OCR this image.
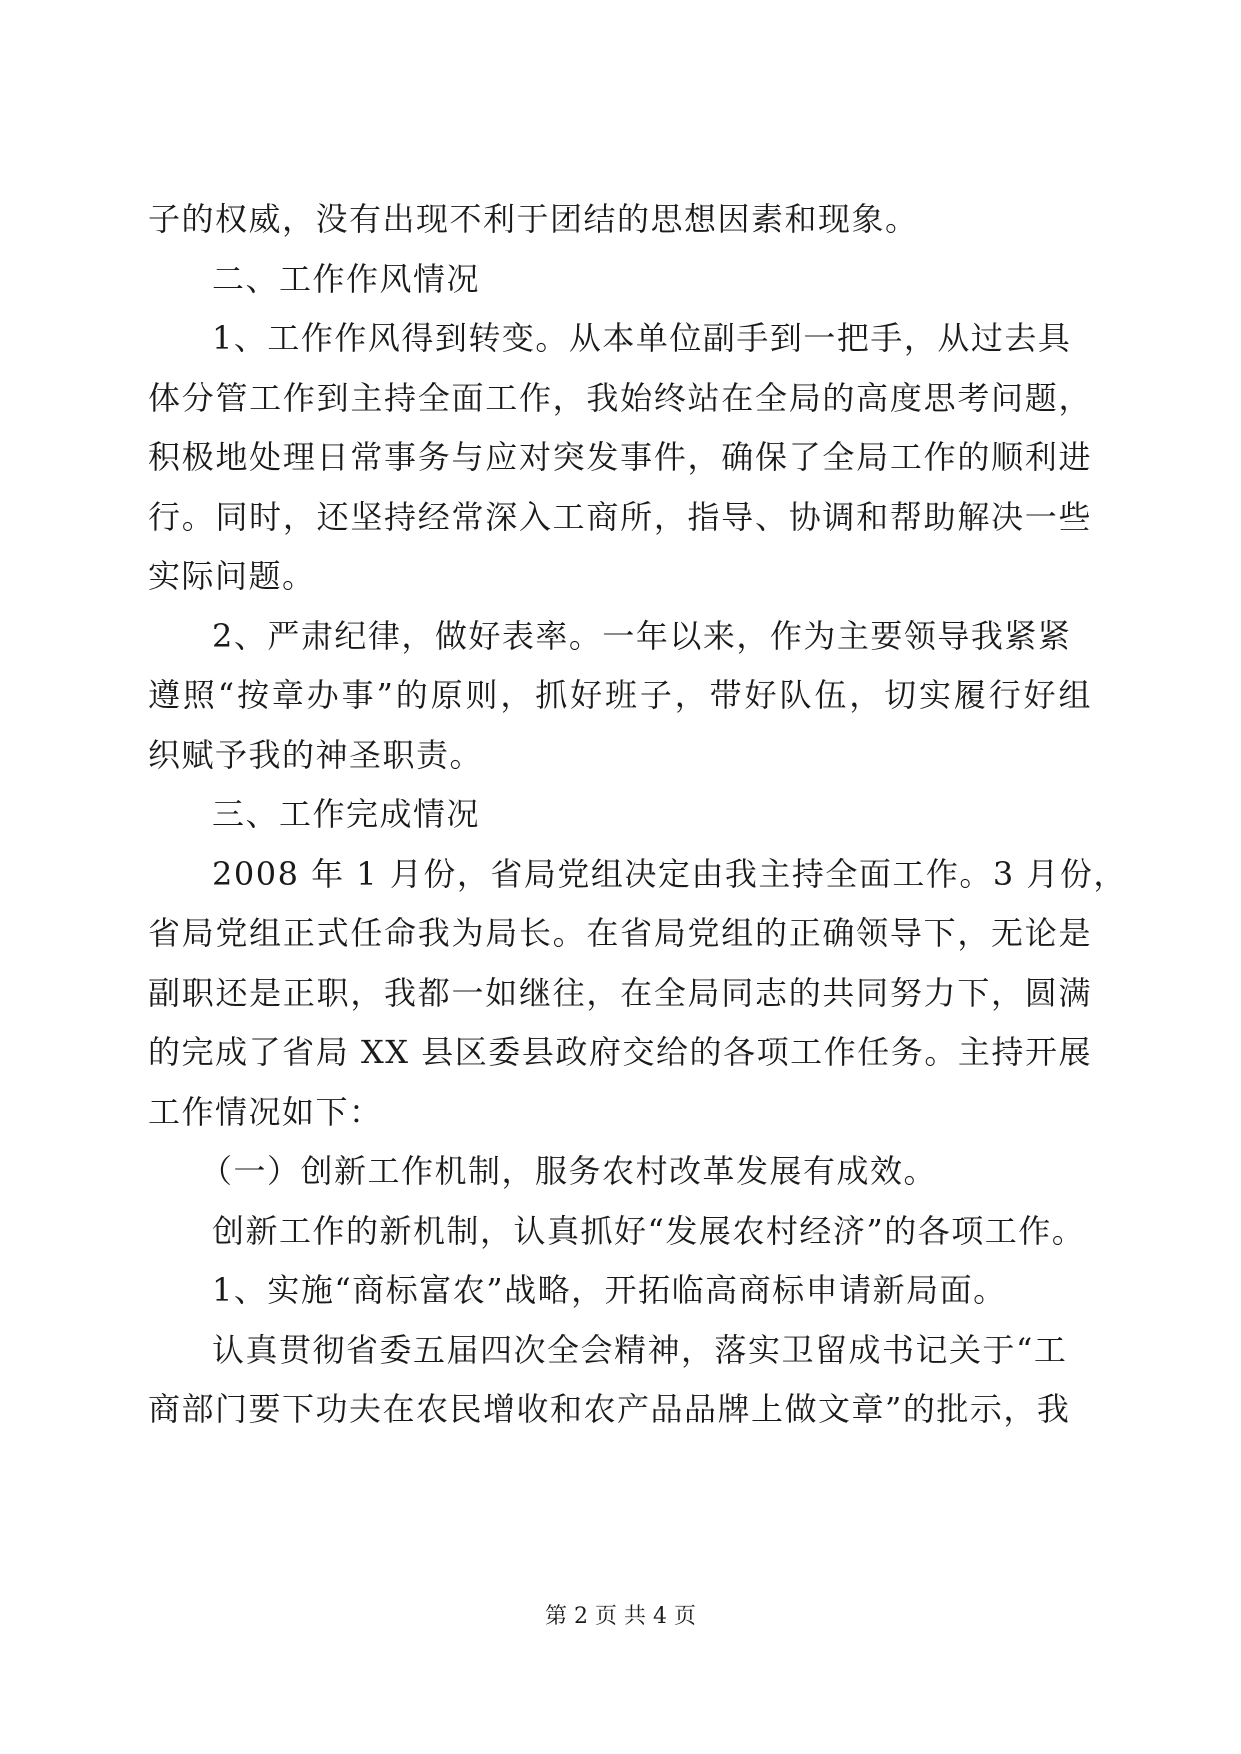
子的权威，没有出现不利于团结的思想因素和现象。
二、工作作风情况
1、工作作风得到转变。从本单位副手到一把手，从过去具
体分管工作到主持全面工作，我始终站在全局的高度思考问题，
积极地处理日常事务与应对突发事件，确保了全局工作的顺利进
行。同时，还坚持经常深入工商所，指导、协调和帮助解决一些
实际问题。
2、严肃纪律，做好表率。一年以来，作为主要领导我紧紧
遵照“按章办事”的原则，抓好班子，带好队伍，切实履行好组
织赋予我的神圣职责。
三、工作完成情况
2008 年 1 月份，省局党组决定由我主持全面工作。3 月份，
省局党组正式任命我为局长。在省局党组的正确领导下，无论是
副职还是正职，我都一如继往，在全局同志的共同努力下，圆满
的完成了省局 XX 县区委县政府交给的各项工作任务。主持开展
工作情况如下：
（一）创新工作机制，服务农村改革发展有成效。
创新工作的新机制，认真抓好“发展农村经济”的各项工作。
1、实施“商标富农”战略，开拓临高商标申请新局面。
认真贯彻省委五届四次全会精神，落实卫留成书记关于“工
商部门要下功夫在农民增收和农产品品牌上做文章”的批示，我
第 2 页 共 4 页
